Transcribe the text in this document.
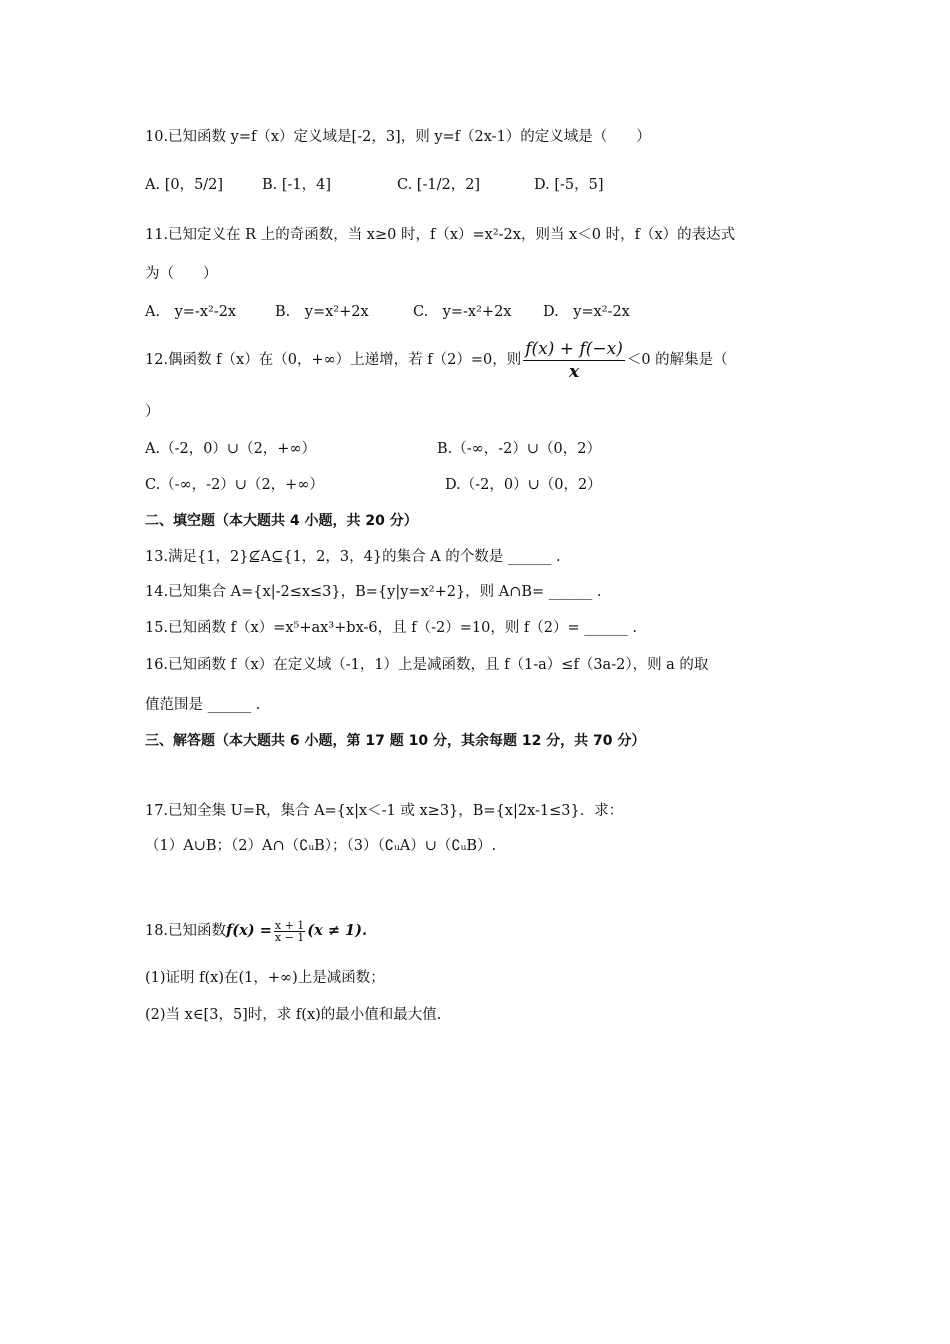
10.已知函数 y=f（x）定义域是[-2，3]，则 y=f（2x-1）的定义域是（　　）
A. [0，5/2]	B. [-1，4]	C. [-1/2，2]	D. [-5，5]
11.已知定义在 R 上的奇函数，当 x≥0 时，f（x）=x²-2x，则当 x＜0 时，f（x）的表达式
为（　　）
A.　y=-x²-2x	B.　y=x²+2x	C.　y=-x²+2x D.　y=x²-2x
12.偶函数 f（x）在（0，+∞）上递增，若 f（2）=0，则 $\frac{f(x) + f(-x)}{x} <0$ 的解集是（
）
A.（-2，0）∪（2，+∞）	B.（-∞，-2）∪（0，2）
C.（-∞，-2）∪（2，+∞）	D.（-2，0）∪（0，2）
二、填空题（本大题共 4 小题，共 20 分）
13.满足{1，2}⊈A⊆{1，2，3，4}的集合 A 的个数是 ______ .
14.已知集合 A={x|-2≤x≤3}，B={y|y=x²+2}，则 A∩B= ______ .
15.已知函数 f（x）=x⁵+ax³+bx-6，且 f（-2）=10，则 f（2）= ______ .
16.已知函数 f（x）在定义域（-1，1）上是减函数，且 f（1-a）≤f（3a-2），则 a 的取
值范围是 ______ .
三、解答题（本大题共 6 小题，第 17 题 10 分，其余每题 12 分，共 70 分）
17.已知全集 U=R，集合 A={x|x＜-1 或 x≥3}，B={x|2x-1≤3}．求：
（1）A∪B；（2）A∩（∁ᵤB）；（3）（∁ᵤA）∪（∁ᵤB）.
18.已知函数$f(x) = \frac{x + 1}{x - 1} (x \ne 1)$.
(1)证明 f(x)在(1，+∞)上是减函数；
(2)当 x∈[3，5]时，求 f(x)的最小值和最大值.
